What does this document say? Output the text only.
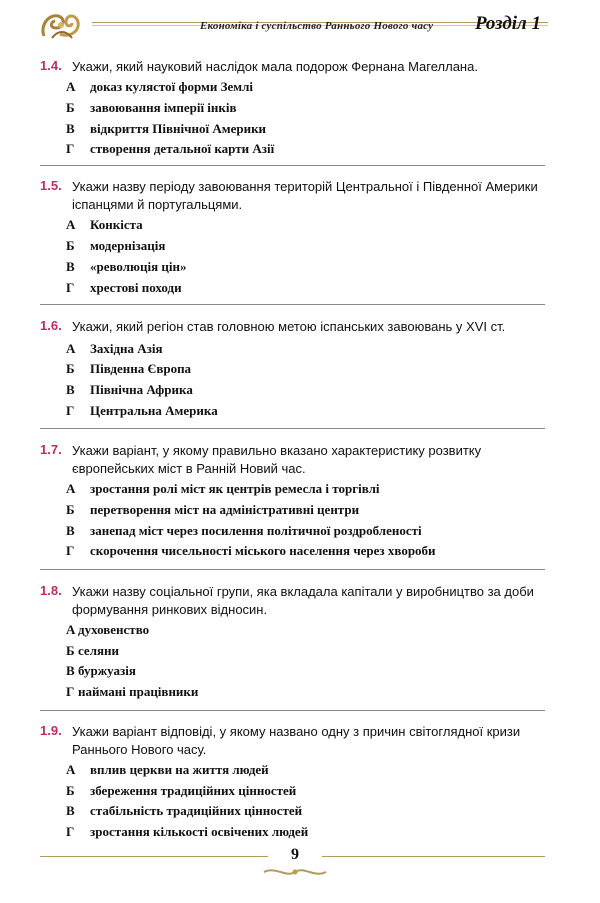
Економіка і суспільство Раннього Нового часу Розділ 1
1.4. Укажи, який науковий наслідок мала подорож Фернана Магеллана.
А доказ кулястої форми Землі
Б завоювання імперії інків
В відкриття Північної Америки
Г створення детальної карти Азії
1.5. Укажи назву періоду завоювання територій Центральної і Південної Америки іспанцями й португальцями.
А Конкіста
Б модернізація
В «революція цін»
Г хрестові походи
1.6. Укажи, який регіон став головною метою іспанських завоювань у XVI ст.
А Західна Азія
Б Південна Європа
В Північна Африка
Г Центральна Америка
1.7. Укажи варіант, у якому правильно вказано характеристику розвитку європейських міст в Ранній Новий час.
А зростання ролі міст як центрів ремесла і торгівлі
Б перетворення міст на адміністративні центри
В занепад міст через посилення політичної роздробленості
Г скорочення чисельності міського населення через хвороби
1.8. Укажи назву соціальної групи, яка вкладала капітали у виробництво за доби формування ринкових відносин.
А духовенство
Б селяни
В буржуазія
Г наймані працівники
1.9. Укажи варіант відповіді, у якому названо одну з причин світоглядної кризи Раннього Нового часу.
А вплив церкви на життя людей
Б збереження традиційних цінностей
В стабільність традиційних цінностей
Г зростання кількості освічених людей
9
